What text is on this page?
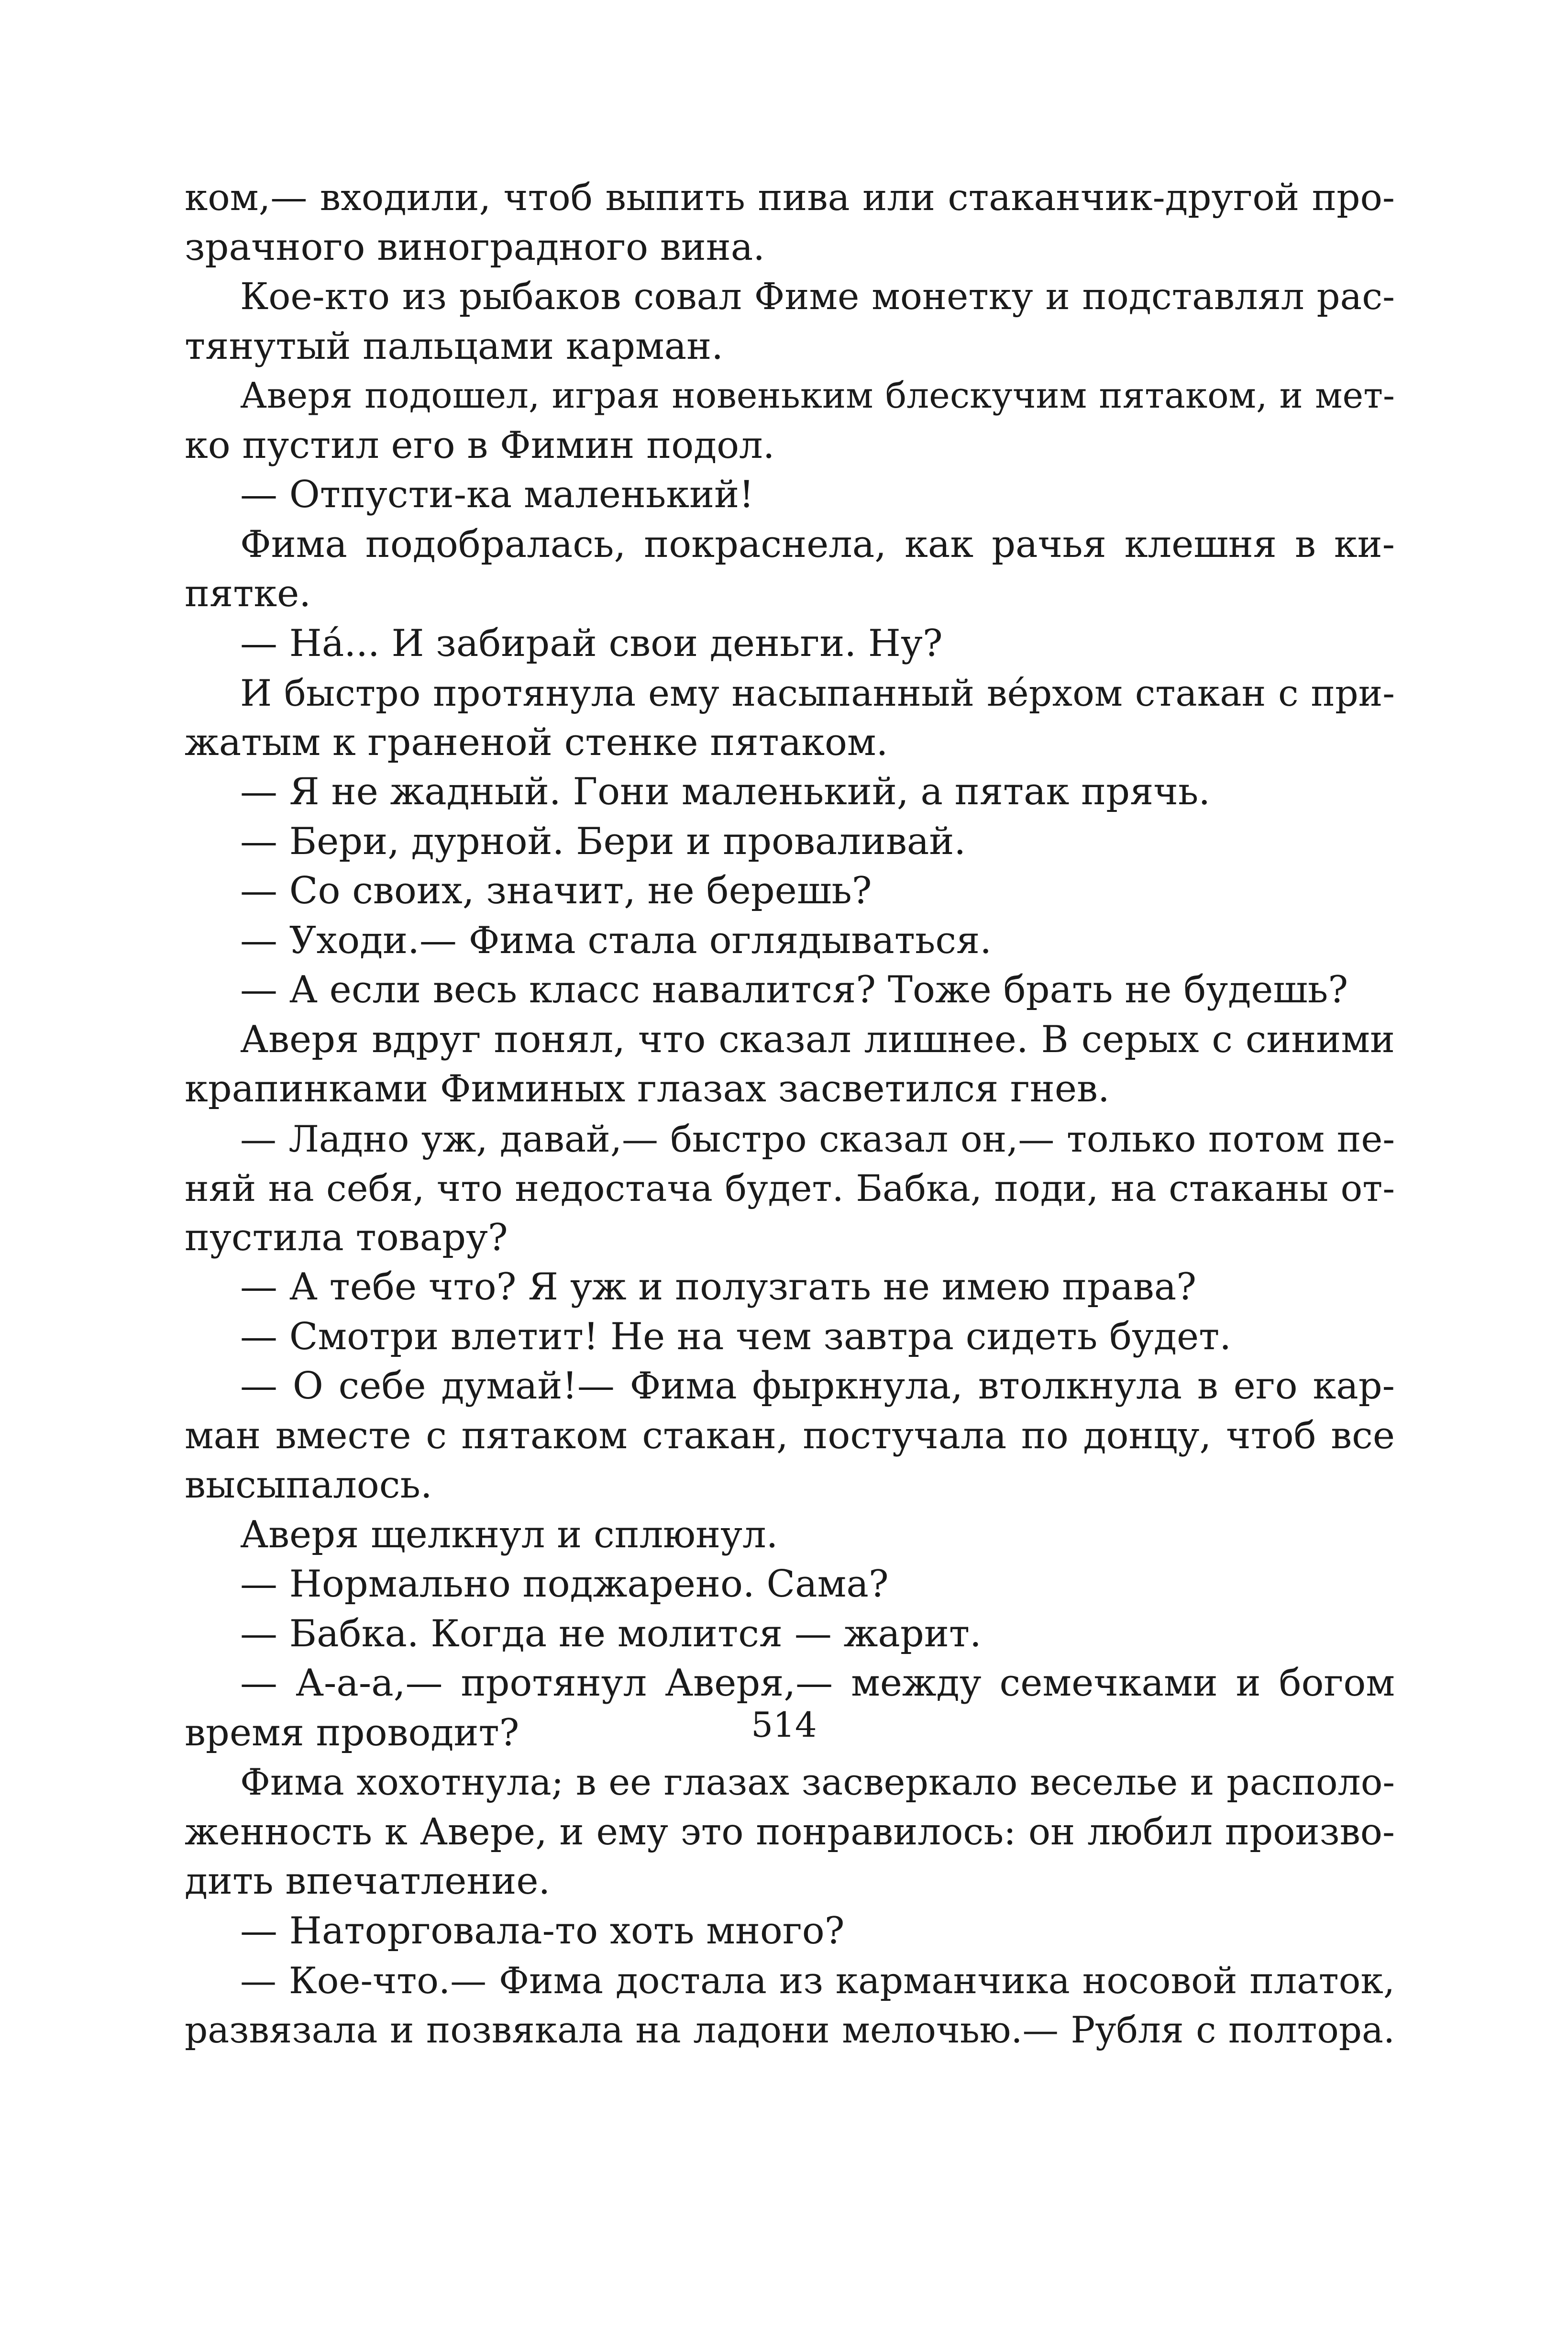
ком,— входили, чтоб выпить пива или стаканчик-другой про-
зрачного виноградного вина.
Кое-кто из рыбаков совал Фиме монетку и подставлял рас-
тянутый пальцами карман.
Аверя подошел, играя новеньким блескучим пятаком, и мет-
ко пустил его в Фимин подол.
— Отпусти-ка маленький!
Фима подобралась, покраснела, как рачья клешня в ки-
пятке.
— На́... И забирай свои деньги. Ну?
И быстро протянула ему насыпанный ве́рхом стакан с при-
жатым к граненой стенке пятаком.
— Я не жадный. Гони маленький, а пятак прячь.
— Бери, дурной. Бери и проваливай.
— Со своих, значит, не берешь?
— Уходи.— Фима стала оглядываться.
— А если весь класс навалится? Тоже брать не будешь?
Аверя вдруг понял, что сказал лишнее. В серых с синими
крапинками Фиминых глазах засветился гнев.
— Ладно уж, давай,— быстро сказал он,— только потом пе-
няй на себя, что недостача будет. Бабка, поди, на стаканы от-
пустила товару?
— А тебе что? Я уж и полузгать не имею права?
— Смотри влетит! Не на чем завтра сидеть будет.
— О себе думай!— Фима фыркнула, втолкнула в его кар-
ман вместе с пятаком стакан, постучала по донцу, чтоб все
высыпалось.
Аверя щелкнул и сплюнул.
— Нормально поджарено. Сама?
— Бабка. Когда не молится — жарит.
— А-а-а,— протянул Аверя,— между семечками и богом
время проводит?
Фима хохотнула; в ее глазах засверкало веселье и располо-
женность к Авере, и ему это понравилось: он любил произво-
дить впечатление.
— Наторговала-то хоть много?
— Кое-что.— Фима достала из карманчика носовой платок,
развязала и позвякала на ладони мелочью.— Рубля с полтора.
514
